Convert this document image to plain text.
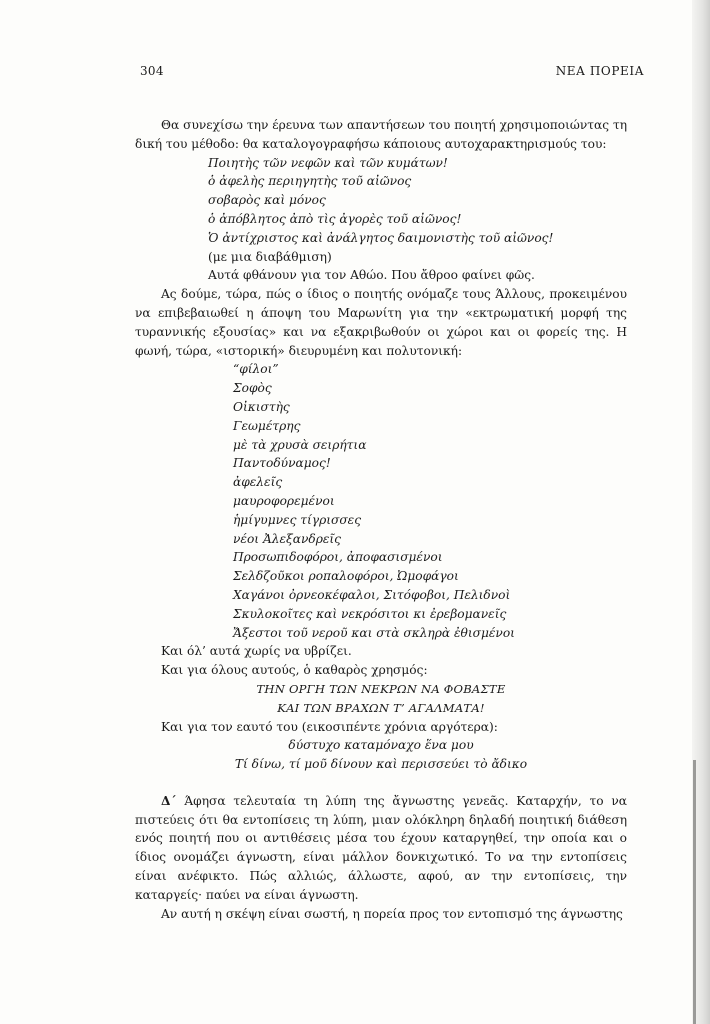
304	ΝΕΑ ΠΟΡΕΙΑ

Θα συνεχίσω την έρευνα των απαντήσεων του ποιητή χρησιμοποιώντας τη δική του μέθοδο: θα καταλογογραφήσω κάποιους αυτοχαρακτηρισμούς του:

Ποιητὴς τῶν νεφῶν καὶ τῶν κυμάτων!

ὁ ἀφελὴς περιηγητὴς τοῦ αἰῶνος

σοβαρὸς καὶ μόνος

ὁ ἀπόβλητος ἀπὸ τὶς ἀγορὲς τοῦ αἰῶνος!

Ὁ ἀντίχριστος καὶ ἀνάλγητος δαιμονιστὴς τοῦ αἰῶνος!

(με μια διαβάθμιση)

Αυτά φθάνουν για τον Αθώο. Που ἄθροο φαίνει φῶς.

Ας δούμε, τώρα, πώς ο ίδιος ο ποιητής ονόμαζε τους Άλλους, προκειμένου να επιβεβαιωθεί η άποψη του Μαρωνίτη για την «εκτρωματική μορφή της τυραννικής εξουσίας» και να εξακριβωθούν οι χώροι και οι φορείς της. Η φωνή, τώρα, «ιστορική» διευρυμένη και πολυτονική:

“φίλοι”

Σοφὸς

Οἰκιστὴς

Γεωμέτρης

μὲ τὰ χρυσὰ σειρήτια

Παντοδύναμος!

ἀφελεῖς

μαυροφορεμένοι

ἡμίγυμνες τίγρισσες

νέοι Ἀλεξανδρεῖς

Προσωπιδοφόροι, ἀποφασισμένοι

Σελδζοῦκοι ροπαλοφόροι, Ὠμοφάγοι

Χαγάνοι ὀρνεοκέφαλοι, Σιτόφοβοι, Πελιδνοὶ

Σκυλοκοῖτες καὶ νεκρόσιτοι κι ἐρεβομανεῖς

Ἄξεστοι τοῦ νεροῦ και στὰ σκληρὰ ἐθισμένοι

Και όλ’ αυτά χωρίς να υβρίζει.

Και για όλους αυτούς, ὁ καθαρὸς χρησμός:

ΤΗΝ ΟΡΓΗ ΤΩΝ ΝΕΚΡΩΝ ΝΑ ΦΟΒΑΣΤΕ

ΚΑΙ ΤΩΝ ΒΡΑΧΩΝ Τ’ ΑΓΑΛΜΑΤΑ!

Και για τον εαυτό του (εικοσιπέντε χρόνια αργότερα):

δύστυχο καταμόναχο ἕνα μου

Τί δίνω, τί μοῦ δίνουν καὶ περισσεύει τὸ ἄδικο

Δ΄ Άφησα τελευταία τη λύπη της ἄγνωστης γενεᾶς. Καταρχήν, το να πιστεύεις ότι θα εντοπίσεις τη λύπη, μιαν ολόκληρη δηλαδή ποιητική διάθεση ενός ποιητή που οι αντιθέσεις μέσα του έχουν καταργηθεί, την οποία και ο ίδιος ονομάζει άγνωστη, είναι μάλλον δονκιχωτικό. Το να την εντοπίσεις είναι ανέφικτο. Πώς αλλιώς, άλλωστε, αφού, αν την εντοπίσεις, την καταργείς· παύει να είναι άγνωστη.

Αν αυτή η σκέψη είναι σωστή, η πορεία προς τον εντοπισμό της άγνωστης
